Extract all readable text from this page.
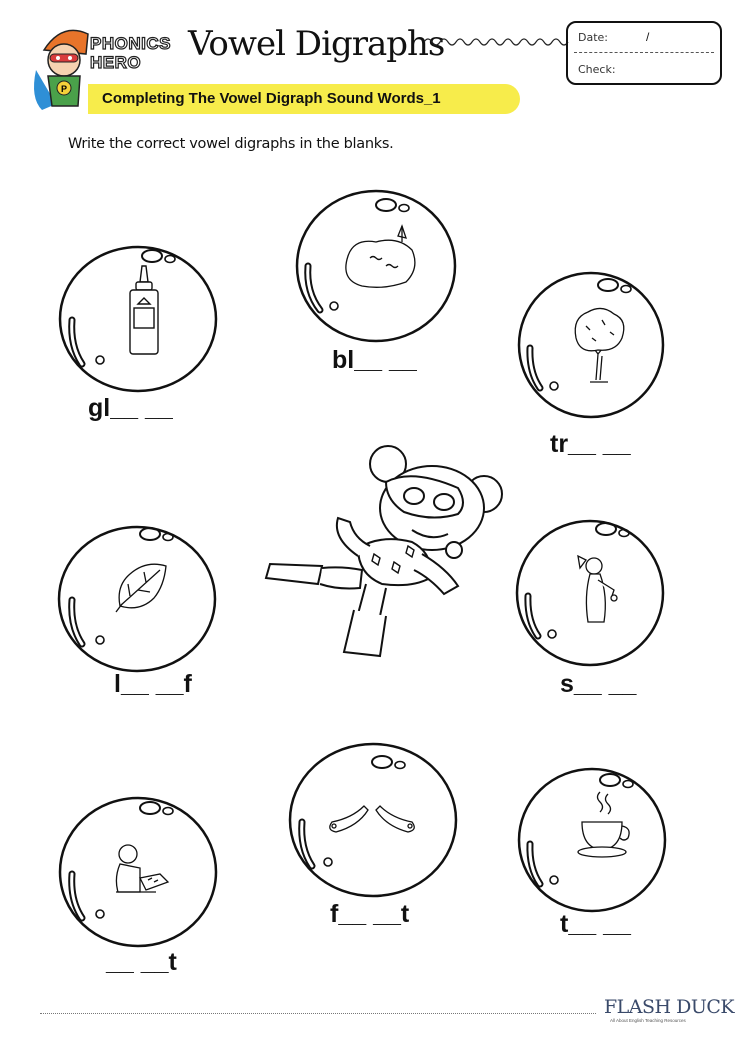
P
PHONICS
HERO Vowel Digraphs	Date:	/
Check:
Completing The Vowel Digraph Sound Words_1
Write the correct vowel digraphs in the blanks.
gl__ __
bl__ __
tr__ __
l__ __f	s__ __
__ __t
f__ __t	t__ __
FLASH DUCK
All About English Teaching Resources
